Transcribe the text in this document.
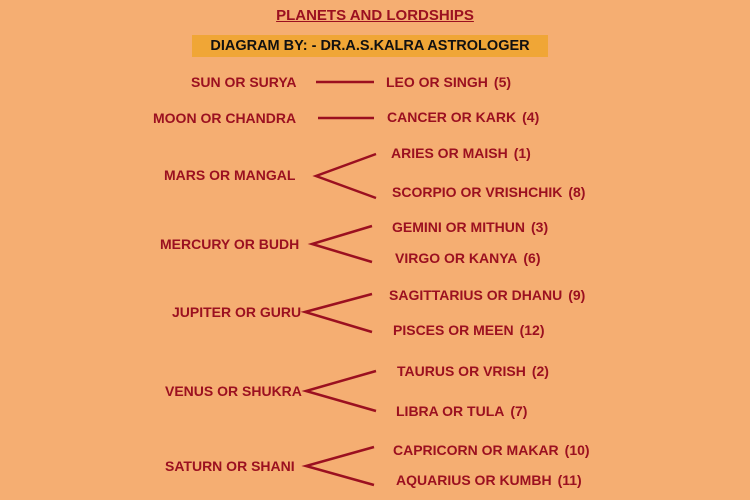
PLANETS AND LORDSHIPS
DIAGRAM BY: - DR.A.S.KALRA ASTROLOGER
SUN OR SURYA	LEO OR SINGH (5)
MOON OR CHANDRA	CANCER OR KARK (4)
MARS OR MANGAL
ARIES OR MAISH (1)
SCORPIO OR VRISHCHIK (8)
MERCURY OR BUDH
GEMINI OR MITHUN (3)
VIRGO OR KANYA (6)
JUPITER OR GURU
SAGITTARIUS OR DHANU (9)
PISCES OR MEEN (12)
VENUS OR SHUKRA
TAURUS OR VRISH (2)
LIBRA OR TULA (7)
SATURN OR SHANI
CAPRICORN OR MAKAR (10)
AQUARIUS OR KUMBH (11)
